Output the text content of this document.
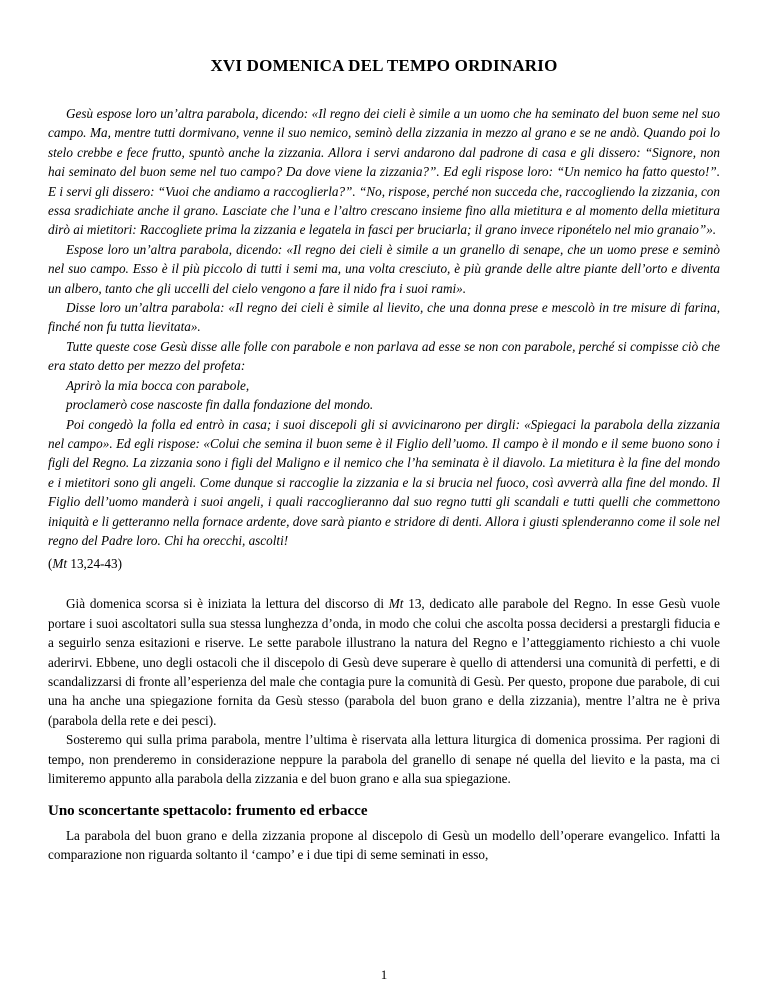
XVI DOMENICA DEL TEMPO ORDINARIO

Gesù espose loro un’altra parabola, dicendo: «Il regno dei cieli è simile a un uomo che ha seminato del buon seme nel suo campo. Ma, mentre tutti dormivano, venne il suo nemico, seminò della zizzania in mezzo al grano e se ne andò. Quando poi lo stelo crebbe e fece frutto, spuntò anche la zizzania. Allora i servi andarono dal padrone di casa e gli dissero: “Signore, non hai seminato del buon seme nel tuo campo? Da dove viene la zizzania?”. Ed egli rispose loro: “Un nemico ha fatto questo!”. E i servi gli dissero: “Vuoi che andiamo a raccoglierla?”. “No, rispose, perché non succeda che, raccogliendo la zizzania, con essa sradichiate anche il grano. Lasciate che l’una e l’altro crescano insieme fino alla mietitura e al momento della mietitura dirò ai mietitori: Raccogliete prima la zizzania e legatela in fasci per bruciarla; il grano invece riponételo nel mio granaio”».

Espose loro un’altra parabola, dicendo: «Il regno dei cieli è simile a un granello di senape, che un uomo prese e seminò nel suo campo. Esso è il più piccolo di tutti i semi ma, una volta cresciuto, è più grande delle altre piante dell’orto e diventa un albero, tanto che gli uccelli del cielo vengono a fare il nido fra i suoi rami».

Disse loro un’altra parabola: «Il regno dei cieli è simile al lievito, che una donna prese e mescolò in tre misure di farina, finché non fu tutta lievitata».

Tutte queste cose Gesù disse alle folle con parabole e non parlava ad esse se non con parabole, perché si compisse ciò che era stato detto per mezzo del profeta:

Aprirò la mia bocca con parabole,

proclamerò cose nascoste fin dalla fondazione del mondo.

Poi congedò la folla ed entrò in casa; i suoi discepoli gli si avvicinarono per dirgli: «Spiegaci la parabola della zizzania nel campo». Ed egli rispose: «Colui che semina il buon seme è il Figlio dell’uomo. Il campo è il mondo e il seme buono sono i figli del Regno. La zizzania sono i figli del Maligno e il nemico che l’ha seminata è il diavolo. La mietitura è la fine del mondo e i mietitori sono gli angeli. Come dunque si raccoglie la zizzania e la si brucia nel fuoco, così avverrà alla fine del mondo. Il Figlio dell’uomo manderà i suoi angeli, i quali raccoglieranno dal suo regno tutti gli scandali e tutti quelli che commettono iniquità e li getteranno nella fornace ardente, dove sarà pianto e stridore di denti. Allora i giusti splenderanno come il sole nel regno del Padre loro. Chi ha orecchi, ascolti!

(Mt 13,24-43)

Già domenica scorsa si è iniziata la lettura del discorso di Mt 13, dedicato alle parabole del Regno. In esse Gesù vuole portare i suoi ascoltatori sulla sua stessa lunghezza d’onda, in modo che colui che ascolta possa decidersi a prestargli fiducia e a seguirlo senza esitazioni e riserve. Le sette parabole illustrano la natura del Regno e l’atteggiamento richiesto a chi vuole aderirvi. Ebbene, uno degli ostacoli che il discepolo di Gesù deve superare è quello di attendersi una comunità di perfetti, e di scandalizzarsi di fronte all’esperienza del male che contagia pure la comunità di Gesù. Per questo, propone due parabole, di cui una ha anche una spiegazione fornita da Gesù stesso (parabola del buon grano e della zizzania), mentre l’altra ne è priva (parabola della rete e dei pesci).

Sosteremo qui sulla prima parabola, mentre l’ultima è riservata alla lettura liturgica di domenica prossima. Per ragioni di tempo, non prenderemo in considerazione neppure la parabola del granello di senape né quella del lievito e la pasta, ma ci limiteremo appunto alla parabola della zizzania e del buon grano e alla sua spiegazione.

Uno sconcertante spettacolo: frumento ed erbacce

La parabola del buon grano e della zizzania propone al discepolo di Gesù un modello dell’operare evangelico. Infatti la comparazione non riguarda soltanto il ‘campo’ e i due tipi di seme seminati in esso,

1
